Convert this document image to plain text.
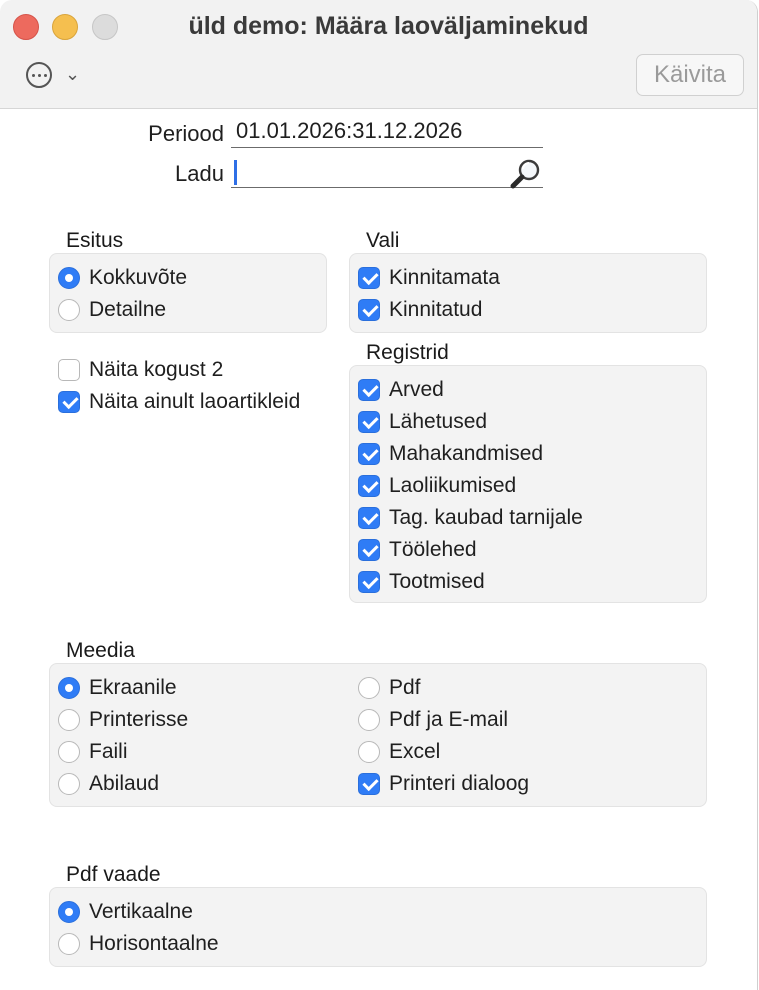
üld demo: Määra laoväljaminekud
⌄	Käivita
Periood 01.01.2026:31.12.2026
Ladu
Esitus
Kokkuvõte
Detailne
Vali
Kinnitamata
Kinnitatud
Näita kogust 2
Näita ainult laoartikleid
Registrid
Arved
Lähetused
Mahakandmised
Laoliikumised
Tag. kaubad tarnijale
Töölehed
Tootmised
Meedia
Ekraanile
Printerisse
Faili
Abilaud
Pdf
Pdf ja E-mail
Excel
Printeri dialoog
Pdf vaade
Vertikaalne
Horisontaalne
